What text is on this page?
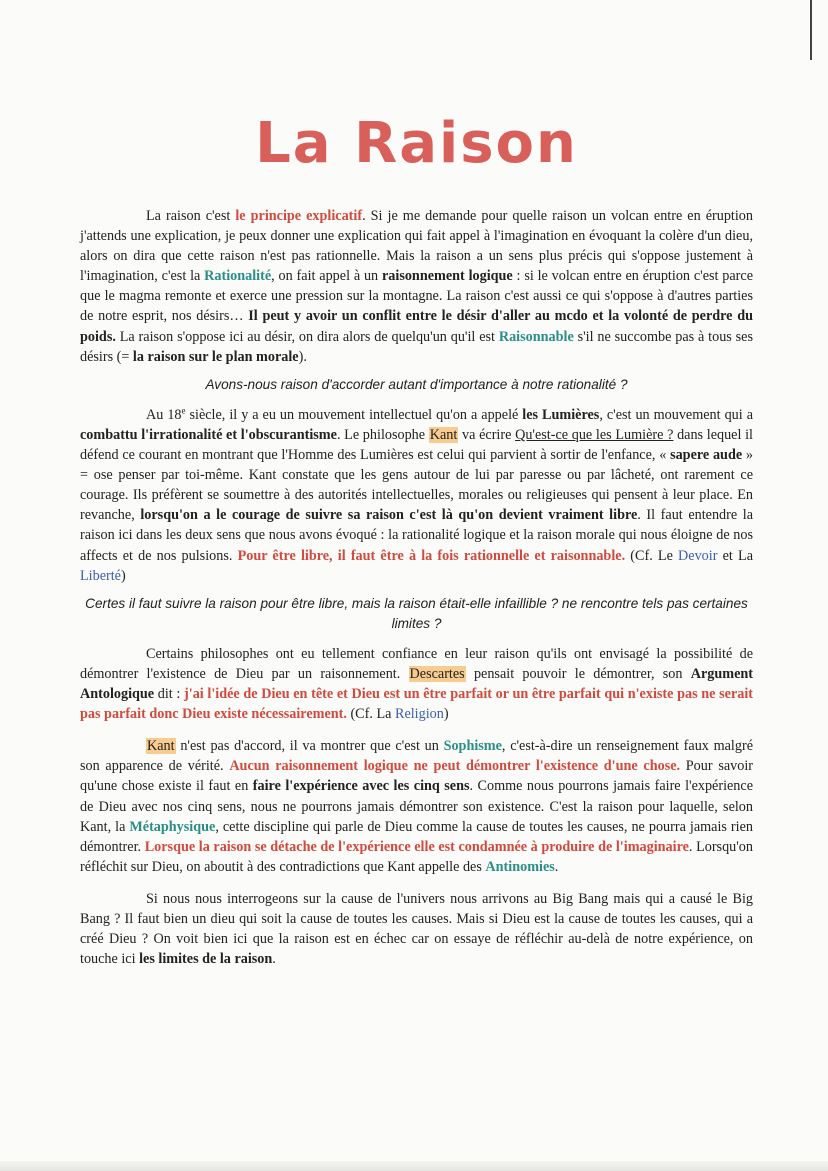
La Raison

La raison c'est le principe explicatif. Si je me demande pour quelle raison un volcan entre en éruption j'attends une explication, je peux donner une explication qui fait appel à l'imagination en évoquant la colère d'un dieu, alors on dira que cette raison n'est pas rationnelle. Mais la raison a un sens plus précis qui s'oppose justement à l'imagination, c'est la Rationalité, on fait appel à un raisonnement logique : si le volcan entre en éruption c'est parce que le magma remonte et exerce une pression sur la montagne. La raison c'est aussi ce qui s'oppose à d'autres parties de notre esprit, nos désirs… Il peut y avoir un conflit entre le désir d'aller au mcdo et la volonté de perdre du poids. La raison s'oppose ici au désir, on dira alors de quelqu'un qu'il est Raisonnable s'il ne succombe pas à tous ses désirs (= la raison sur le plan morale).

Avons-nous raison d'accorder autant d'importance à notre rationalité ?

Au 18e siècle, il y a eu un mouvement intellectuel qu'on a appelé les Lumières, c'est un mouvement qui a combattu l'irrationalité et l'obscurantisme. Le philosophe Kant va écrire Qu'est-ce que les Lumière ? dans lequel il défend ce courant en montrant que l'Homme des Lumières est celui qui parvient à sortir de l'enfance, « sapere aude » = ose penser par toi-même. Kant constate que les gens autour de lui par paresse ou par lâcheté, ont rarement ce courage. Ils préfèrent se soumettre à des autorités intellectuelles, morales ou religieuses qui pensent à leur place. En revanche, lorsqu'on a le courage de suivre sa raison c'est là qu'on devient vraiment libre. Il faut entendre la raison ici dans les deux sens que nous avons évoqué : la rationalité logique et la raison morale qui nous éloigne de nos affects et de nos pulsions. Pour être libre, il faut être à la fois rationnelle et raisonnable. (Cf. Le Devoir et La Liberté)

Certes il faut suivre la raison pour être libre, mais la raison était-elle infaillible ? ne rencontre tels pas certaines limites ?

Certains philosophes ont eu tellement confiance en leur raison qu'ils ont envisagé la possibilité de démontrer l'existence de Dieu par un raisonnement. Descartes pensait pouvoir le démontrer, son Argument Antologique dit : j'ai l'idée de Dieu en tête et Dieu est un être parfait or un être parfait qui n'existe pas ne serait pas parfait donc Dieu existe nécessairement. (Cf. La Religion)

Kant n'est pas d'accord, il va montrer que c'est un Sophisme, c'est-à-dire un renseignement faux malgré son apparence de vérité. Aucun raisonnement logique ne peut démontrer l'existence d'une chose. Pour savoir qu'une chose existe il faut en faire l'expérience avec les cinq sens. Comme nous pourrons jamais faire l'expérience de Dieu avec nos cinq sens, nous ne pourrons jamais démontrer son existence. C'est la raison pour laquelle, selon Kant, la Métaphysique, cette discipline qui parle de Dieu comme la cause de toutes les causes, ne pourra jamais rien démontrer. Lorsque la raison se détache de l'expérience elle est condamnée à produire de l'imaginaire. Lorsqu'on réfléchit sur Dieu, on aboutit à des contradictions que Kant appelle des Antinomies.

Si nous nous interrogeons sur la cause de l'univers nous arrivons au Big Bang mais qui a causé le Big Bang ? Il faut bien un dieu qui soit la cause de toutes les causes. Mais si Dieu est la cause de toutes les causes, qui a créé Dieu ? On voit bien ici que la raison est en échec car on essaye de réfléchir au-delà de notre expérience, on touche ici les limites de la raison.
